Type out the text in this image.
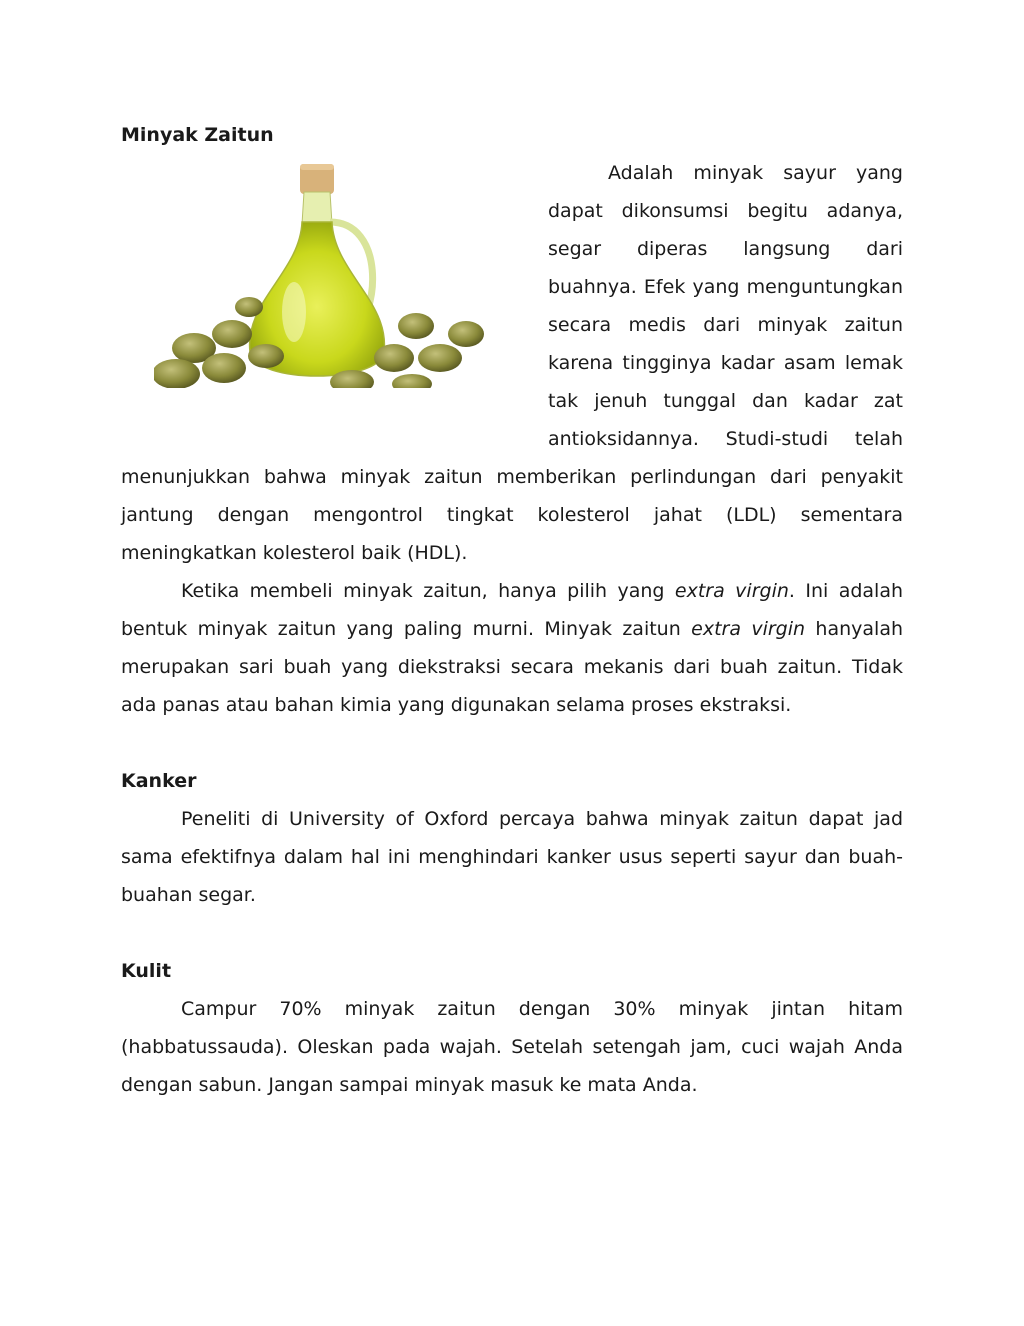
Minyak Zaitun

Adalah minyak sayur yang dapat dikonsumsi begitu adanya, segar diperas langsung dari buahnya. Efek yang menguntungkan secara medis dari minyak zaitun karena tingginya kadar asam lemak tak jenuh tunggal dan kadar zat antioksidannya. Studi-studi telah menunjukkan bahwa minyak zaitun memberikan perlindungan dari penyakit jantung dengan mengontrol tingkat kolesterol jahat (LDL) sementara meningkatkan kolesterol baik (HDL).

Ketika membeli minyak zaitun, hanya pilih yang extra virgin. Ini adalah bentuk minyak zaitun yang paling murni. Minyak zaitun extra virgin hanyalah merupakan sari buah yang diekstraksi secara mekanis dari buah zaitun. Tidak ada panas atau bahan kimia yang digunakan selama proses ekstraksi.

Kanker

Peneliti di University of Oxford percaya bahwa minyak zaitun dapat jad sama efektifnya dalam hal ini menghindari kanker usus seperti sayur dan buah-buahan segar.

Kulit

Campur 70% minyak zaitun dengan 30% minyak jintan hitam (habbatussauda). Oleskan pada wajah. Setelah setengah jam, cuci wajah Anda dengan sabun. Jangan sampai minyak masuk ke mata Anda.
